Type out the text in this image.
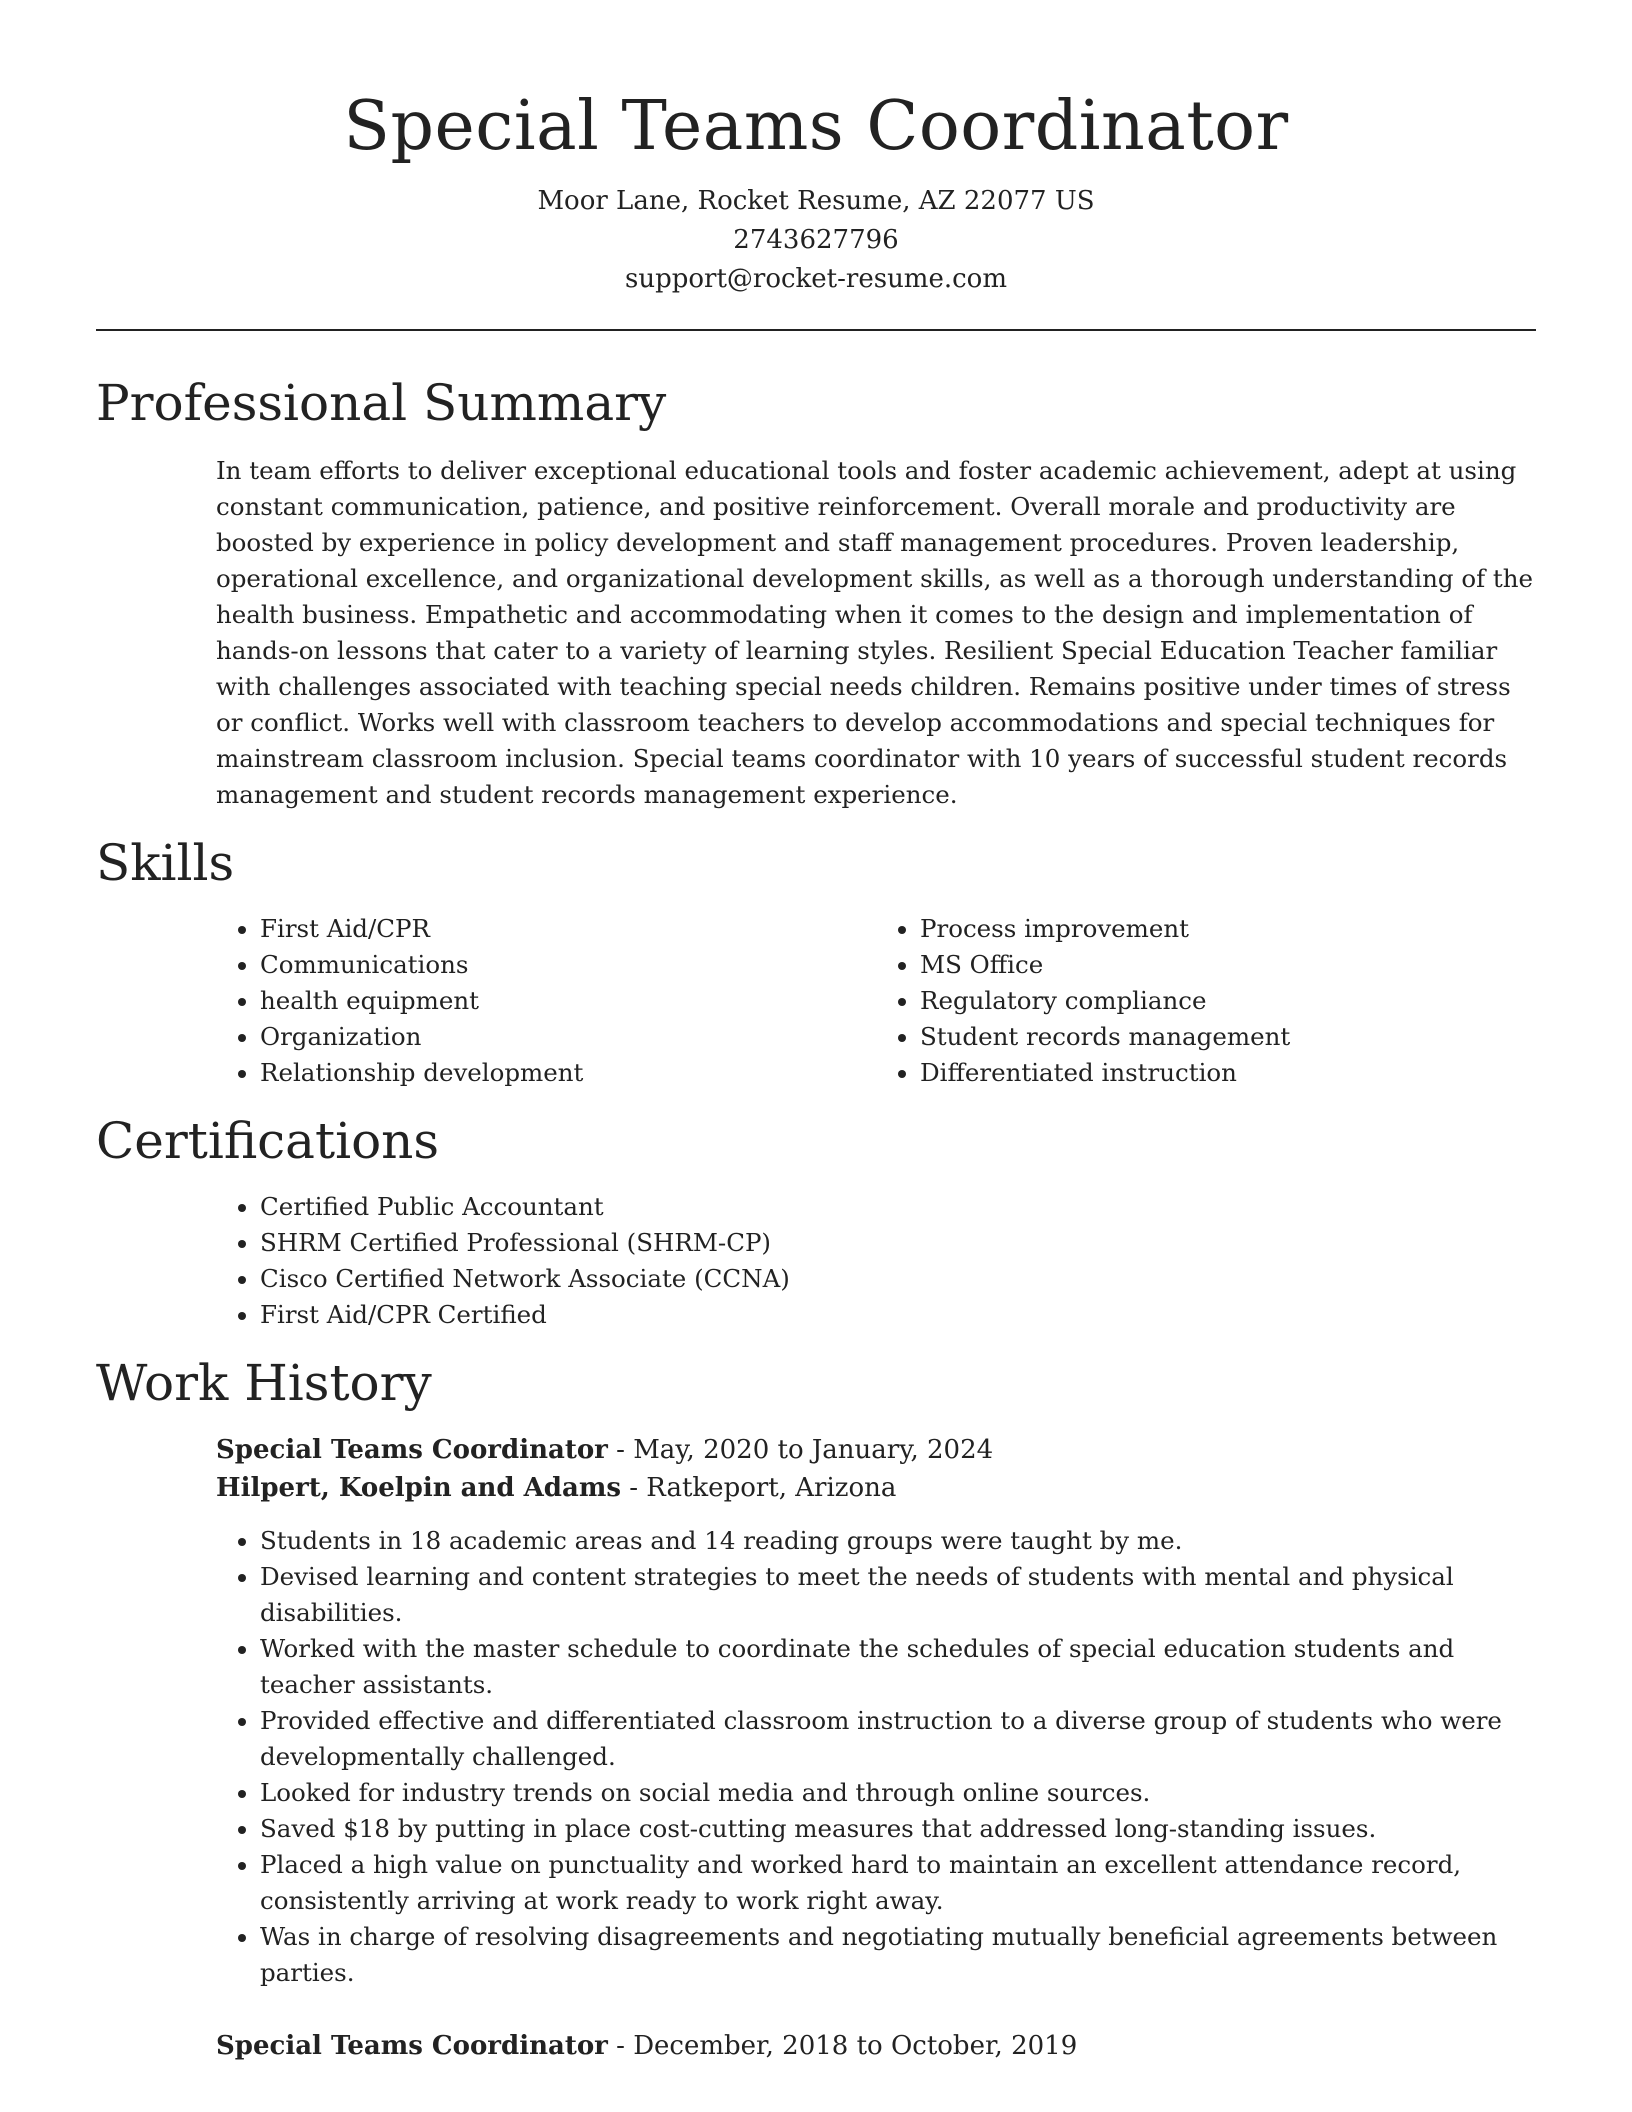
Special Teams Coordinator
Moor Lane, Rocket Resume, AZ 22077 US
2743627796
support@rocket-resume.com
Professional Summary

In team efforts to deliver exceptional educational tools and foster academic achievement, adept at using constant communication, patience, and positive reinforcement. Overall morale and productivity are boosted by experience in policy development and staff management procedures. Proven leadership, operational excellence, and organizational development skills, as well as a thorough understanding of the health business. Empathetic and accommodating when it comes to the design and implementation of hands-on lessons that cater to a variety of learning styles. Resilient Special Education Teacher familiar with challenges associated with teaching special needs children. Remains positive under times of stress or conflict. Works well with classroom teachers to develop accommodations and special techniques for mainstream classroom inclusion. Special teams coordinator with 10 years of successful student records management and student records management experience.

Skills
• First Aid/CPR
• Communications
• health equipment
• Organization
• Relationship development
• Process improvement
• MS Office
• Regulatory compliance
• Student records management
• Differentiated instruction
Certifications
• Certified Public Accountant
• SHRM Certified Professional (SHRM-CP)
• Cisco Certified Network Associate (CCNA)
• First Aid/CPR Certified
Work History
Special Teams Coordinator - May, 2020 to January, 2024
Hilpert, Koelpin and Adams - Ratkeport, Arizona
• Students in 18 academic areas and 14 reading groups were taught by me.
• Devised learning and content strategies to meet the needs of students with mental and physical disabilities.
• Worked with the master schedule to coordinate the schedules of special education students and teacher assistants.
• Provided effective and differentiated classroom instruction to a diverse group of students who were developmentally challenged.
• Looked for industry trends on social media and through online sources.
• Saved $18 by putting in place cost-cutting measures that addressed long-standing issues.
• Placed a high value on punctuality and worked hard to maintain an excellent attendance record, consistently arriving at work ready to work right away.
• Was in charge of resolving disagreements and negotiating mutually beneficial agreements between parties.
Special Teams Coordinator - December, 2018 to October, 2019
